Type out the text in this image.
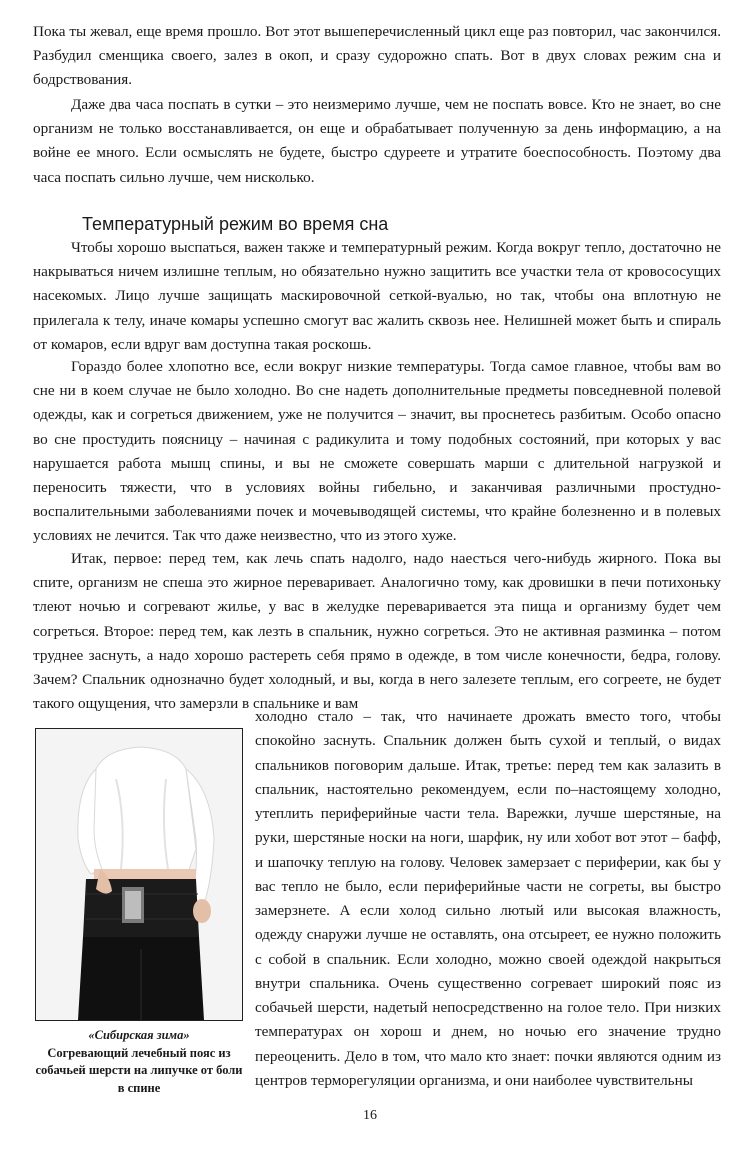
Пока ты жевал, еще время прошло. Вот этот вышеперечисленный цикл еще раз повторил, час закончился. Разбудил сменщика своего, залез в окоп, и сразу судорожно спать. Вот в двух словах режим сна и бодрствования.

Даже два часа поспать в сутки – это неизмеримо лучше, чем не поспать вовсе. Кто не знает, во сне организм не только восстанавливается, он еще и обрабатывает полученную за день информацию, а на войне ее много. Если осмыслять не будете, быстро сдуреете и утратите боеспособность. Поэтому два часа поспать сильно лучше, чем нисколько.

Температурный режим во время сна

Чтобы хорошо выспаться, важен также и температурный режим. Когда вокруг тепло, достаточно не накрываться ничем излишне теплым, но обязательно нужно защитить все участки тела от кровососущих насекомых. Лицо лучше защищать маскировочной сеткой-вуалью, но так, чтобы она вплотную не прилегала к телу, иначе комары успешно смогут вас жалить сквозь нее. Нелишней может быть и спираль от комаров, если вдруг вам доступна такая роскошь.

Гораздо более хлопотно все, если вокруг низкие температуры. Тогда самое главное, чтобы вам во сне ни в коем случае не было холодно. Во сне надеть дополнительные предметы повседневной полевой одежды, как и согреться движением, уже не получится – значит, вы проснетесь разбитым. Особо опасно во сне простудить поясницу – начиная с радикулита и тому подобных состояний, при которых у вас нарушается работа мышц спины, и вы не сможете совершать марши с длительной нагрузкой и переносить тяжести, что в условиях войны гибельно, и заканчивая различными простудно-воспалительными заболеваниями почек и мочевыводящей системы, что крайне болезненно и в полевых условиях не лечится. Так что даже неизвестно, что из этого хуже.

Итак, первое: перед тем, как лечь спать надолго, надо наесться чего-нибудь жирного. Пока вы спите, организм не спеша это жирное переваривает. Аналогично тому, как дровишки в печи потихоньку тлеют ночью и согревают жилье, у вас в желудке переваривается эта пища и организму будет чем согреться. Второе: перед тем, как лезть в спальник, нужно согреться. Это не активная разминка – потом труднее заснуть, а надо хорошо растереть себя прямо в одежде, в том числе конечности, бедра, голову. Зачем? Спальник однозначно будет холодный, и вы, когда в него залезете теплым, его согреете, не будет такого ощущения, что замерзли в спальнике и вам

«Сибирская зима»
Согревающий лечебный пояс из собачьей шерсти на липучке от боли в спине

холодно стало – так, что начинаете дрожать вместо того, чтобы спокойно заснуть. Спальник должен быть сухой и теплый, о видах спальников поговорим дальше. Итак, третье: перед тем как залазить в спальник, настоятельно рекомендуем, если по–настоящему холодно, утеплить периферийные части тела. Варежки, лучше шерстяные, на руки, шерстяные носки на ноги, шарфик, ну или хобот вот этот – бафф, и шапочку теплую на голову. Человек замерзает с периферии, как бы у вас тепло не было, если периферийные части не согреты, вы быстро замерзнете. А если холод сильно лютый или высокая влажность, одежду снаружи лучше не оставлять, она отсыреет, ее нужно положить с собой в спальник. Если холодно, можно своей одеждой накрыться внутри спальника. Очень существенно согревает широкий пояс из собачьей шерсти, надетый непосредственно на голое тело. При низких температурах он хорош и днем, но ночью его значение трудно переоценить. Дело в том, что мало кто знает: почки являются одним из центров терморегуляции организма, и они наиболее чувствительны

16
